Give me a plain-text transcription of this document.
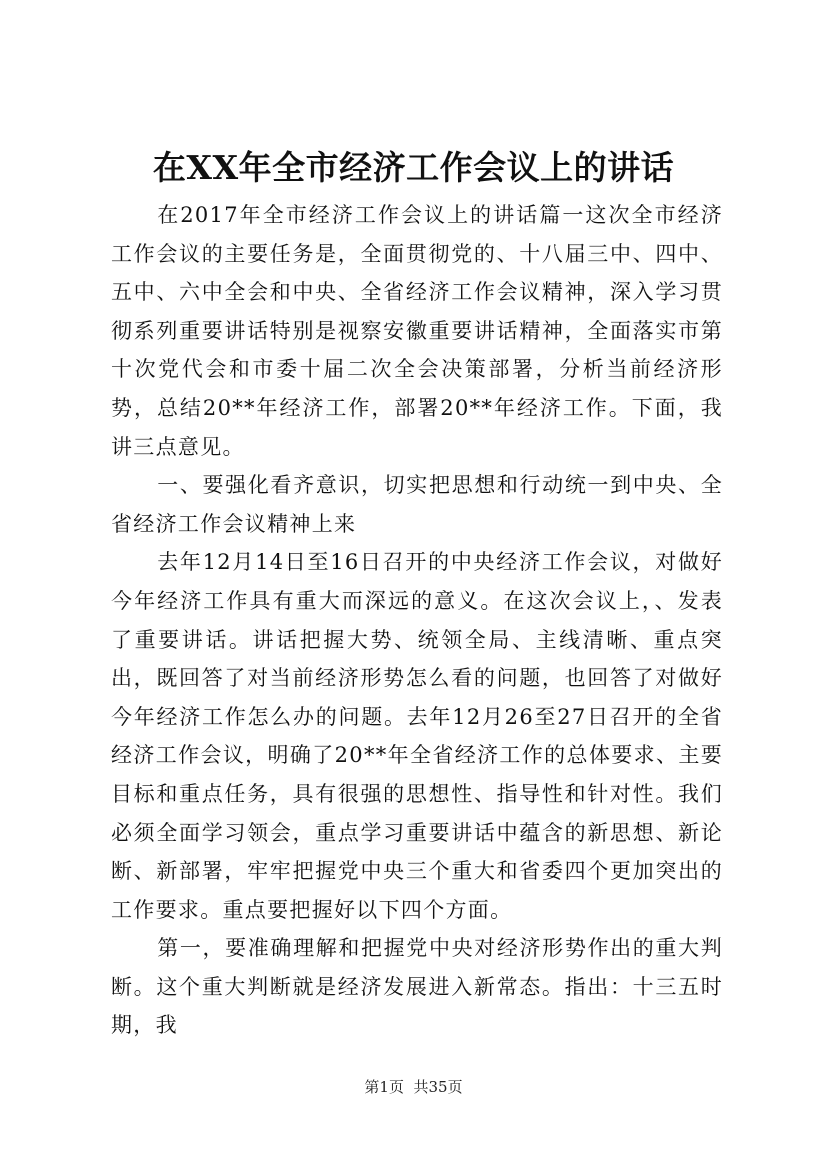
在XX年全市经济工作会议上的讲话

在2017年全市经济工作会议上的讲话篇一这次全市经济工作会议的主要任务是，全面贯彻党的、十八届三中、四中、五中、六中全会和中央、全省经济工作会议精神，深入学习贯彻系列重要讲话特别是视察安徽重要讲话精神，全面落实市第十次党代会和市委十届二次全会决策部署，分析当前经济形势，总结20**年经济工作，部署20**年经济工作。下面，我讲三点意见。

一、要强化看齐意识，切实把思想和行动统一到中央、全省经济工作会议精神上来

去年12月14日至16日召开的中央经济工作会议，对做好今年经济工作具有重大而深远的意义。在这次会议上，、发表了重要讲话。讲话把握大势、统领全局、主线清晰、重点突出，既回答了对当前经济形势怎么看的问题，也回答了对做好今年经济工作怎么办的问题。去年12月26至27日召开的全省经济工作会议，明确了20**年全省经济工作的总体要求、主要目标和重点任务，具有很强的思想性、指导性和针对性。我们必须全面学习领会，重点学习重要讲话中蕴含的新思想、新论断、新部署，牢牢把握党中央三个重大和省委四个更加突出的工作要求。重点要把握好以下四个方面。

第一，要准确理解和把握党中央对经济形势作出的重大判断。这个重大判断就是经济发展进入新常态。指出：十三五时期，我

第1页  共35页
